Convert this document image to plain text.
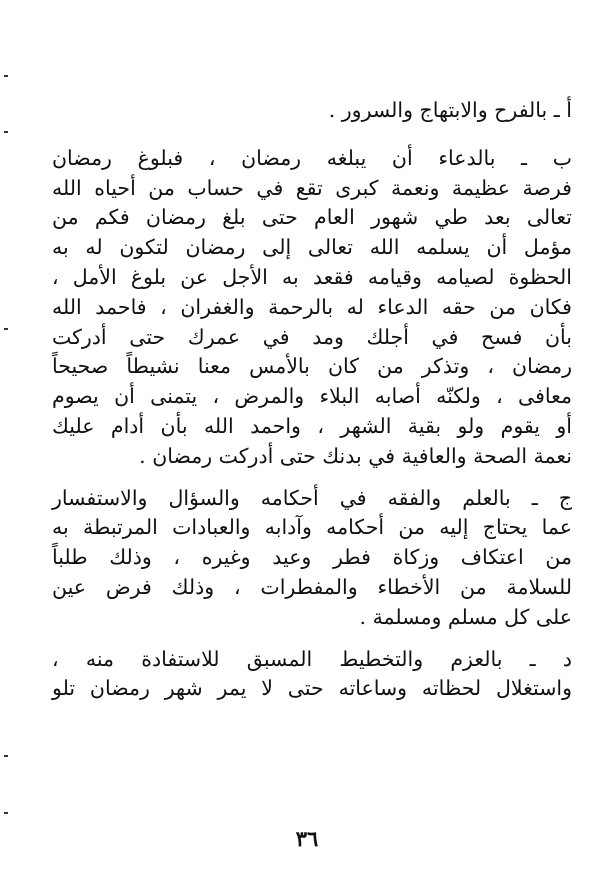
أ ـ بالفرح والابتهاج والسرور .
ب ـ بالدعاء أن يبلغه رمضان ، فبلوغ رمضان
فرصة عظيمة ونعمة كبرى تقع في حساب من أحياه الله
تعالى بعد طي شهور العام حتى بلغ رمضان فكم من
مؤمل أن يسلمه الله تعالى إلى رمضان لتكون له به
الحظوة لصيامه وقيامه فقعد به الأجل عن بلوغ الأمل ،
فكان من حقه الدعاء له بالرحمة والغفران ، فاحمد الله
بأن فسح في أجلك ومد في عمرك حتى أدركت
رمضان ، وتذكر من كان بالأمس معنا نشيطاً صحيحاً
معافى ، ولكنّه أصابه البلاء والمرض ، يتمنى أن يصوم
أو يقوم ولو بقية الشهر ، واحمد الله بأن أدام عليك
نعمة الصحة والعافية في بدنك حتى أدركت رمضان .
ج ـ بالعلم والفقه في أحكامه والسؤال والاستفسار
عما يحتاج إليه من أحكامه وآدابه والعبادات المرتبطة به
من اعتكاف وزكاة فطر وعيد وغيره ، وذلك طلباً
للسلامة من الأخطاء والمفطرات ، وذلك فرض عين
على كل مسلم ومسلمة .
د ـ بالعزم والتخطيط المسبق للاستفادة منه ،
واستغلال لحظاته وساعاته حتى لا يمر شهر رمضان تلو
٣٦
